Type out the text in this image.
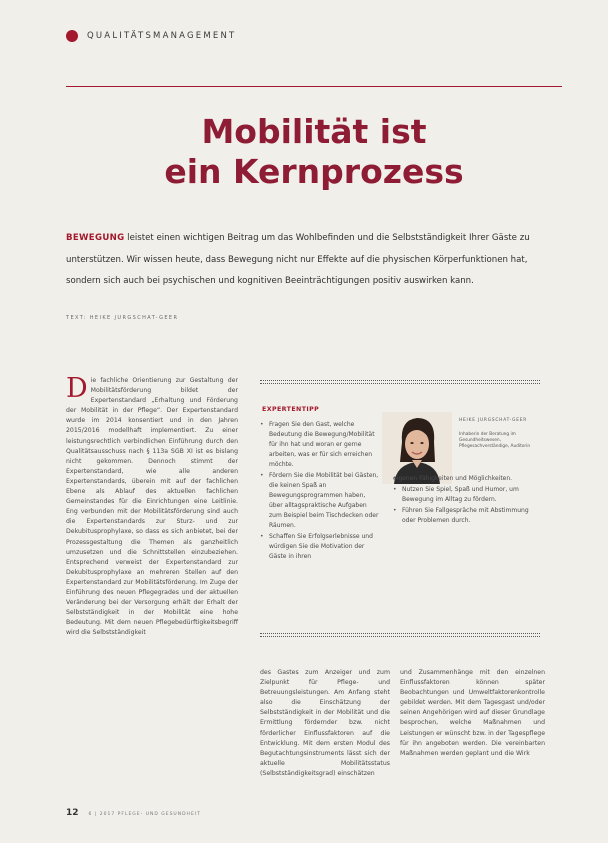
QUALITÄTSMANAGEMENT
Mobilität ist
ein Kernprozess

BEWEGUNG leistet einen wichtigen Beitrag um das Wohlbefinden und die Selbstständigkeit Ihrer Gäste zu unterstützen. Wir wissen heute, dass Bewegung nicht nur Effekte auf die physischen Körperfunktionen hat, sondern sich auch bei psychischen und kognitiven Beeinträchtigungen positiv auswirken kann.

TEXT: HEIKE JURGSCHAT-GEER
Die fachliche Orientierung zur Gestaltung der Mobilitätsförderung bildet der Expertenstandard „Erhaltung und Förderung der Mobilität in der Pflege“. Der Expertenstandard wurde im 2014 konsentiert und in den Jahren 2015/2016 modellhaft implementiert. Zu einer leistungsrechtlich verbindlichen Einführung durch den Qualitätsausschuss nach § 113a SGB XI ist es bislang nicht gekommen. Dennoch stimmt der Expertenstandard, wie alle anderen Expertenstandards, überein mit auf der fachlichen Ebene als Ablauf des aktuellen fachlichen Gemeinstandes für die Einrichtungen eine Leitlinie. Eng verbunden mit der Mobilitätsförderung sind auch die Expertenstandards zur Sturz- und zur Dekubitusprophylaxe, so dass es sich anbietet, bei der Prozessgestaltung die Themen als ganzheitlich umzusetzen und die Schnittstellen einzubeziehen. Entsprechend verweist der Expertenstandard zur Dekubitusprophylaxe an mehreren Stellen auf den Expertenstandard zur Mobilitätsförderung. Im Zuge der Einführung des neuen Pflegegrades und der aktuellen Veränderung bei der Versorgung erhält der Erhalt der Selbstständigkeit in der Mobilität eine hohe Bedeutung. Mit dem neuen Pflegebedürftigkeitsbegriff wird die Selbstständigkeit
EXPERTENTIPP
• Fragen Sie den Gast, welche Bedeutung die Bewegung/Mobilität für ihn hat und woran er gerne arbeiten, was er für sich erreichen möchte.
• Fördern Sie die Mobilität bei Gästen, die keinen Spaß an Bewegungsprogrammen haben, über alltagspraktische Aufgaben zum Beispiel beim Tischdecken oder Räumen.
• Schaffen Sie Erfolgserlebnisse und würdigen Sie die Motivation der Gäste in ihren
HEIKE JURGSCHAT-GEER
Inhaberin der Beratung im Gesundheitswesen, Pflegesachverständige, Auditorin
• eigenen Fähigkeiten und Möglichkeiten.
• Nutzen Sie Spiel, Spaß und Humor, um Bewegung im Alltag zu fördern.
• Führen Sie Fallgespräche mit Abstimmung oder Problemen durch.
des Gastes zum Anzeiger und zum Zielpunkt für Pflege- und Betreuungsleistungen. Am Anfang steht also die Einschätzung der Selbstständigkeit in der Mobilität und die Ermittlung fördernder bzw. nicht förderlicher Einflussfaktoren auf die Entwicklung. Mit dem ersten Modul des Begutachtungsinstruments lässt sich der aktuelle Mobilitätsstatus (Selbstständigkeitsgrad) einschätzen
und Zusammenhänge mit den einzelnen Einflussfaktoren können später Beobachtungen und Umweltfaktorenkontrolle gebildet werden. Mit dem Tagesgast und/oder seinen Angehörigen wird auf dieser Grundlage besprochen, welche Maßnahmen und Leistungen er wünscht bzw. in der Tagespflege für ihn angeboten werden. Die vereinbarten Maßnahmen werden geplant und die Wirk
12 6 | 2017 PFLEGE- UND GESUNDHEIT
